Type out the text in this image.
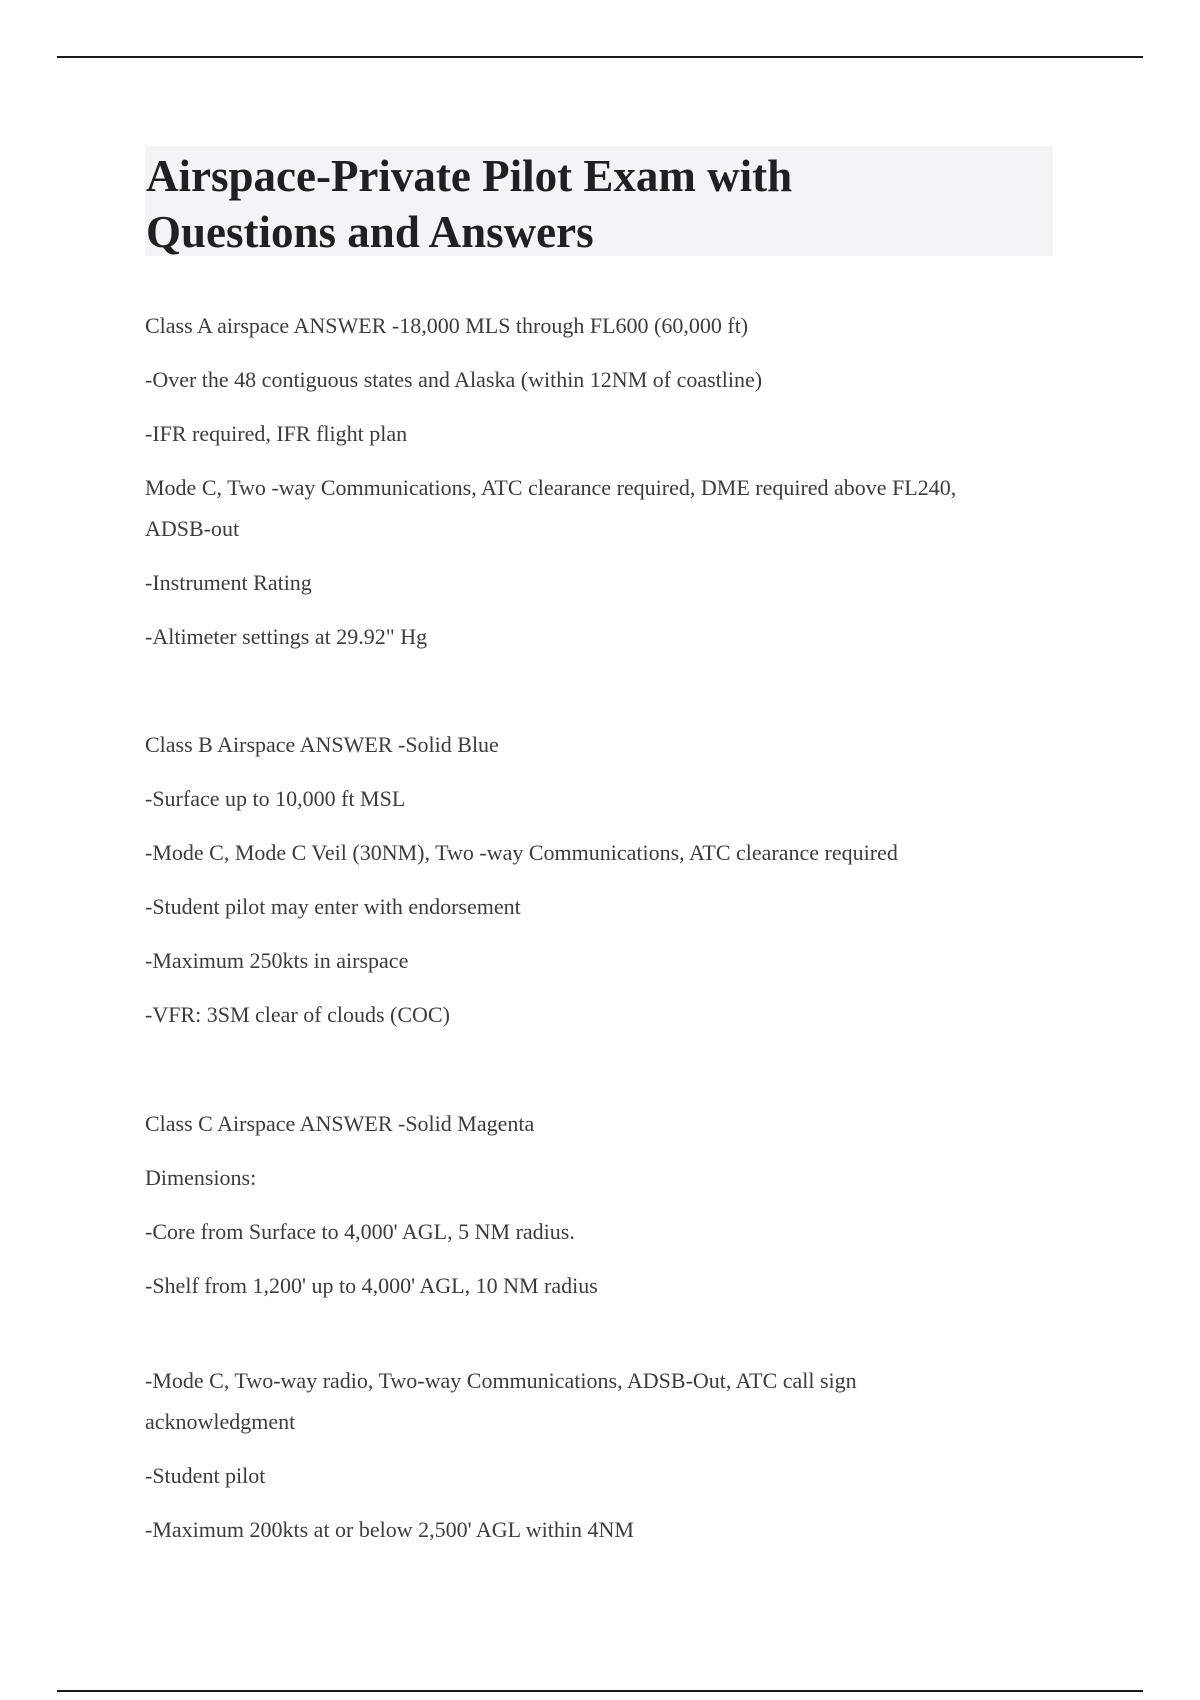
Airspace-Private Pilot Exam with
Questions and Answers

Class A airspace ANSWER -18,000 MLS through FL600 (60,000 ft)

-Over the 48 contiguous states and Alaska (within 12NM of coastline)

-IFR required, IFR flight plan

Mode C, Two -way Communications, ATC clearance required, DME required above FL240,
ADSB-out

-Instrument Rating

-Altimeter settings at 29.92" Hg

Class B Airspace ANSWER -Solid Blue

-Surface up to 10,000 ft MSL

-Mode C, Mode C Veil (30NM), Two -way Communications, ATC clearance required

-Student pilot may enter with endorsement

-Maximum 250kts in airspace

-VFR: 3SM clear of clouds (COC)

Class C Airspace ANSWER -Solid Magenta

Dimensions:

-Core from Surface to 4,000' AGL, 5 NM radius.

-Shelf from 1,200' up to 4,000' AGL, 10 NM radius

-Mode C, Two-way radio, Two-way Communications, ADSB-Out, ATC call sign
acknowledgment

-Student pilot

-Maximum 200kts at or below 2,500' AGL within 4NM
